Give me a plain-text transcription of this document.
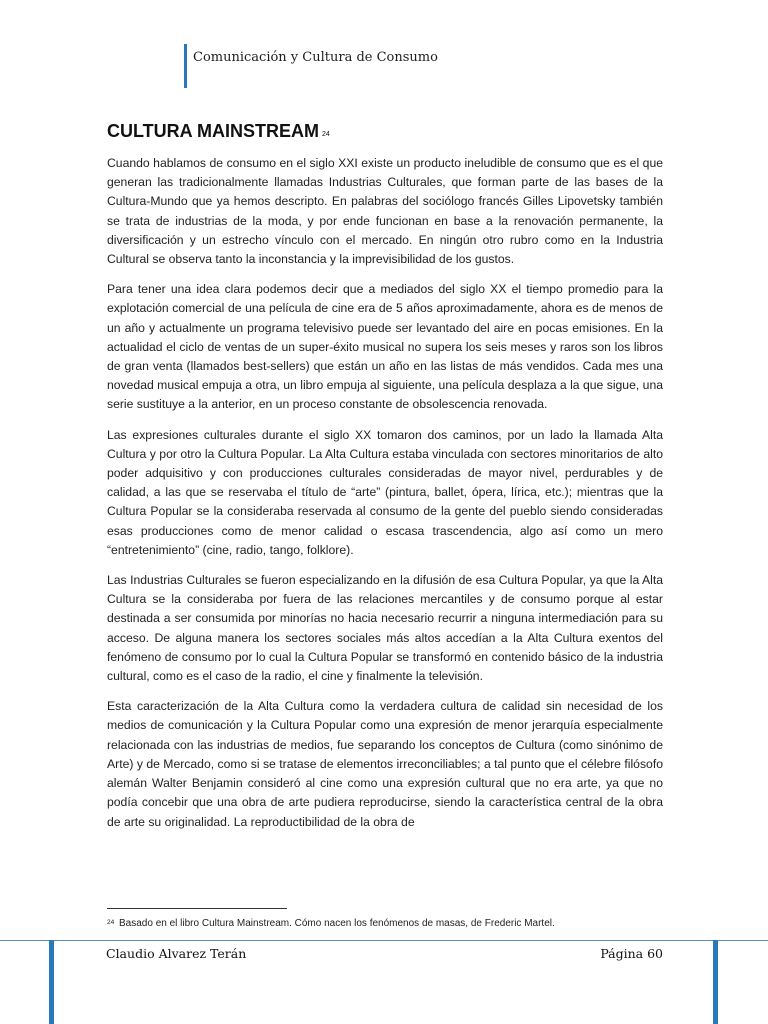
Comunicación y Cultura de Consumo
CULTURA MAINSTREAM $^{24}$

Cuando hablamos de consumo en el siglo XXI existe un producto ineludible de consumo que es el que generan las tradicionalmente llamadas Industrias Culturales, que forman parte de las bases de la Cultura-Mundo que ya hemos descripto. En palabras del sociólogo francés Gilles Lipovetsky también se trata de industrias de la moda, y por ende funcionan en base a la renovación permanente, la diversificación y un estrecho vínculo con el mercado. En ningún otro rubro como en la Industria Cultural se observa tanto la inconstancia y la imprevisibilidad de los gustos.

Para tener una idea clara podemos decir que a mediados del siglo XX el tiempo promedio para la explotación comercial de una película de cine era de 5 años aproximadamente, ahora es de menos de un año y actualmente un programa televisivo puede ser levantado del aire en pocas emisiones. En la actualidad el ciclo de ventas de un super-éxito musical no supera los seis meses y raros son los libros de gran venta (llamados best-sellers) que están un año en las listas de más vendidos. Cada mes una novedad musical empuja a otra, un libro empuja al siguiente, una película desplaza a la que sigue, una serie sustituye a la anterior, en un proceso constante de obsolescencia renovada.

Las expresiones culturales durante el siglo XX tomaron dos caminos, por un lado la llamada Alta Cultura y por otro la Cultura Popular. La Alta Cultura estaba vinculada con sectores minoritarios de alto poder adquisitivo y con producciones culturales consideradas de mayor nivel, perdurables y de calidad, a las que se reservaba el título de “arte” (pintura, ballet, ópera, lírica, etc.); mientras que la Cultura Popular se la consideraba reservada al consumo de la gente del pueblo siendo consideradas esas producciones como de menor calidad o escasa trascendencia, algo así como un mero “entretenimiento” (cine, radio, tango, folklore).

Las Industrias Culturales se fueron especializando en la difusión de esa Cultura Popular, ya que la Alta Cultura se la consideraba por fuera de las relaciones mercantiles y de consumo porque al estar destinada a ser consumida por minorías no hacia necesario recurrir a ninguna intermediación para su acceso. De alguna manera los sectores sociales más altos accedían a la Alta Cultura exentos del fenómeno de consumo por lo cual la Cultura Popular se transformó en contenido básico de la industria cultural, como es el caso de la radio, el cine y finalmente la televisión.

Esta caracterización de la Alta Cultura como la verdadera cultura de calidad sin necesidad de los medios de comunicación y la Cultura Popular como una expresión de menor jerarquía especialmente relacionada con las industrias de medios, fue separando los conceptos de Cultura (como sinónimo de Arte) y de Mercado, como si se tratase de elementos irreconciliables; a tal punto que el célebre filósofo alemán Walter Benjamin consideró al cine como una expresión cultural que no era arte, ya que no podía concebir que una obra de arte pudiera reproducirse, siendo la característica central de la obra de arte su originalidad. La reproductibilidad de la obra de

$^{24}$ Basado en el libro Cultura Mainstream. Cómo nacen los fenómenos de masas, de Frederic Martel.
Claudio Alvarez Terán	Página 60
